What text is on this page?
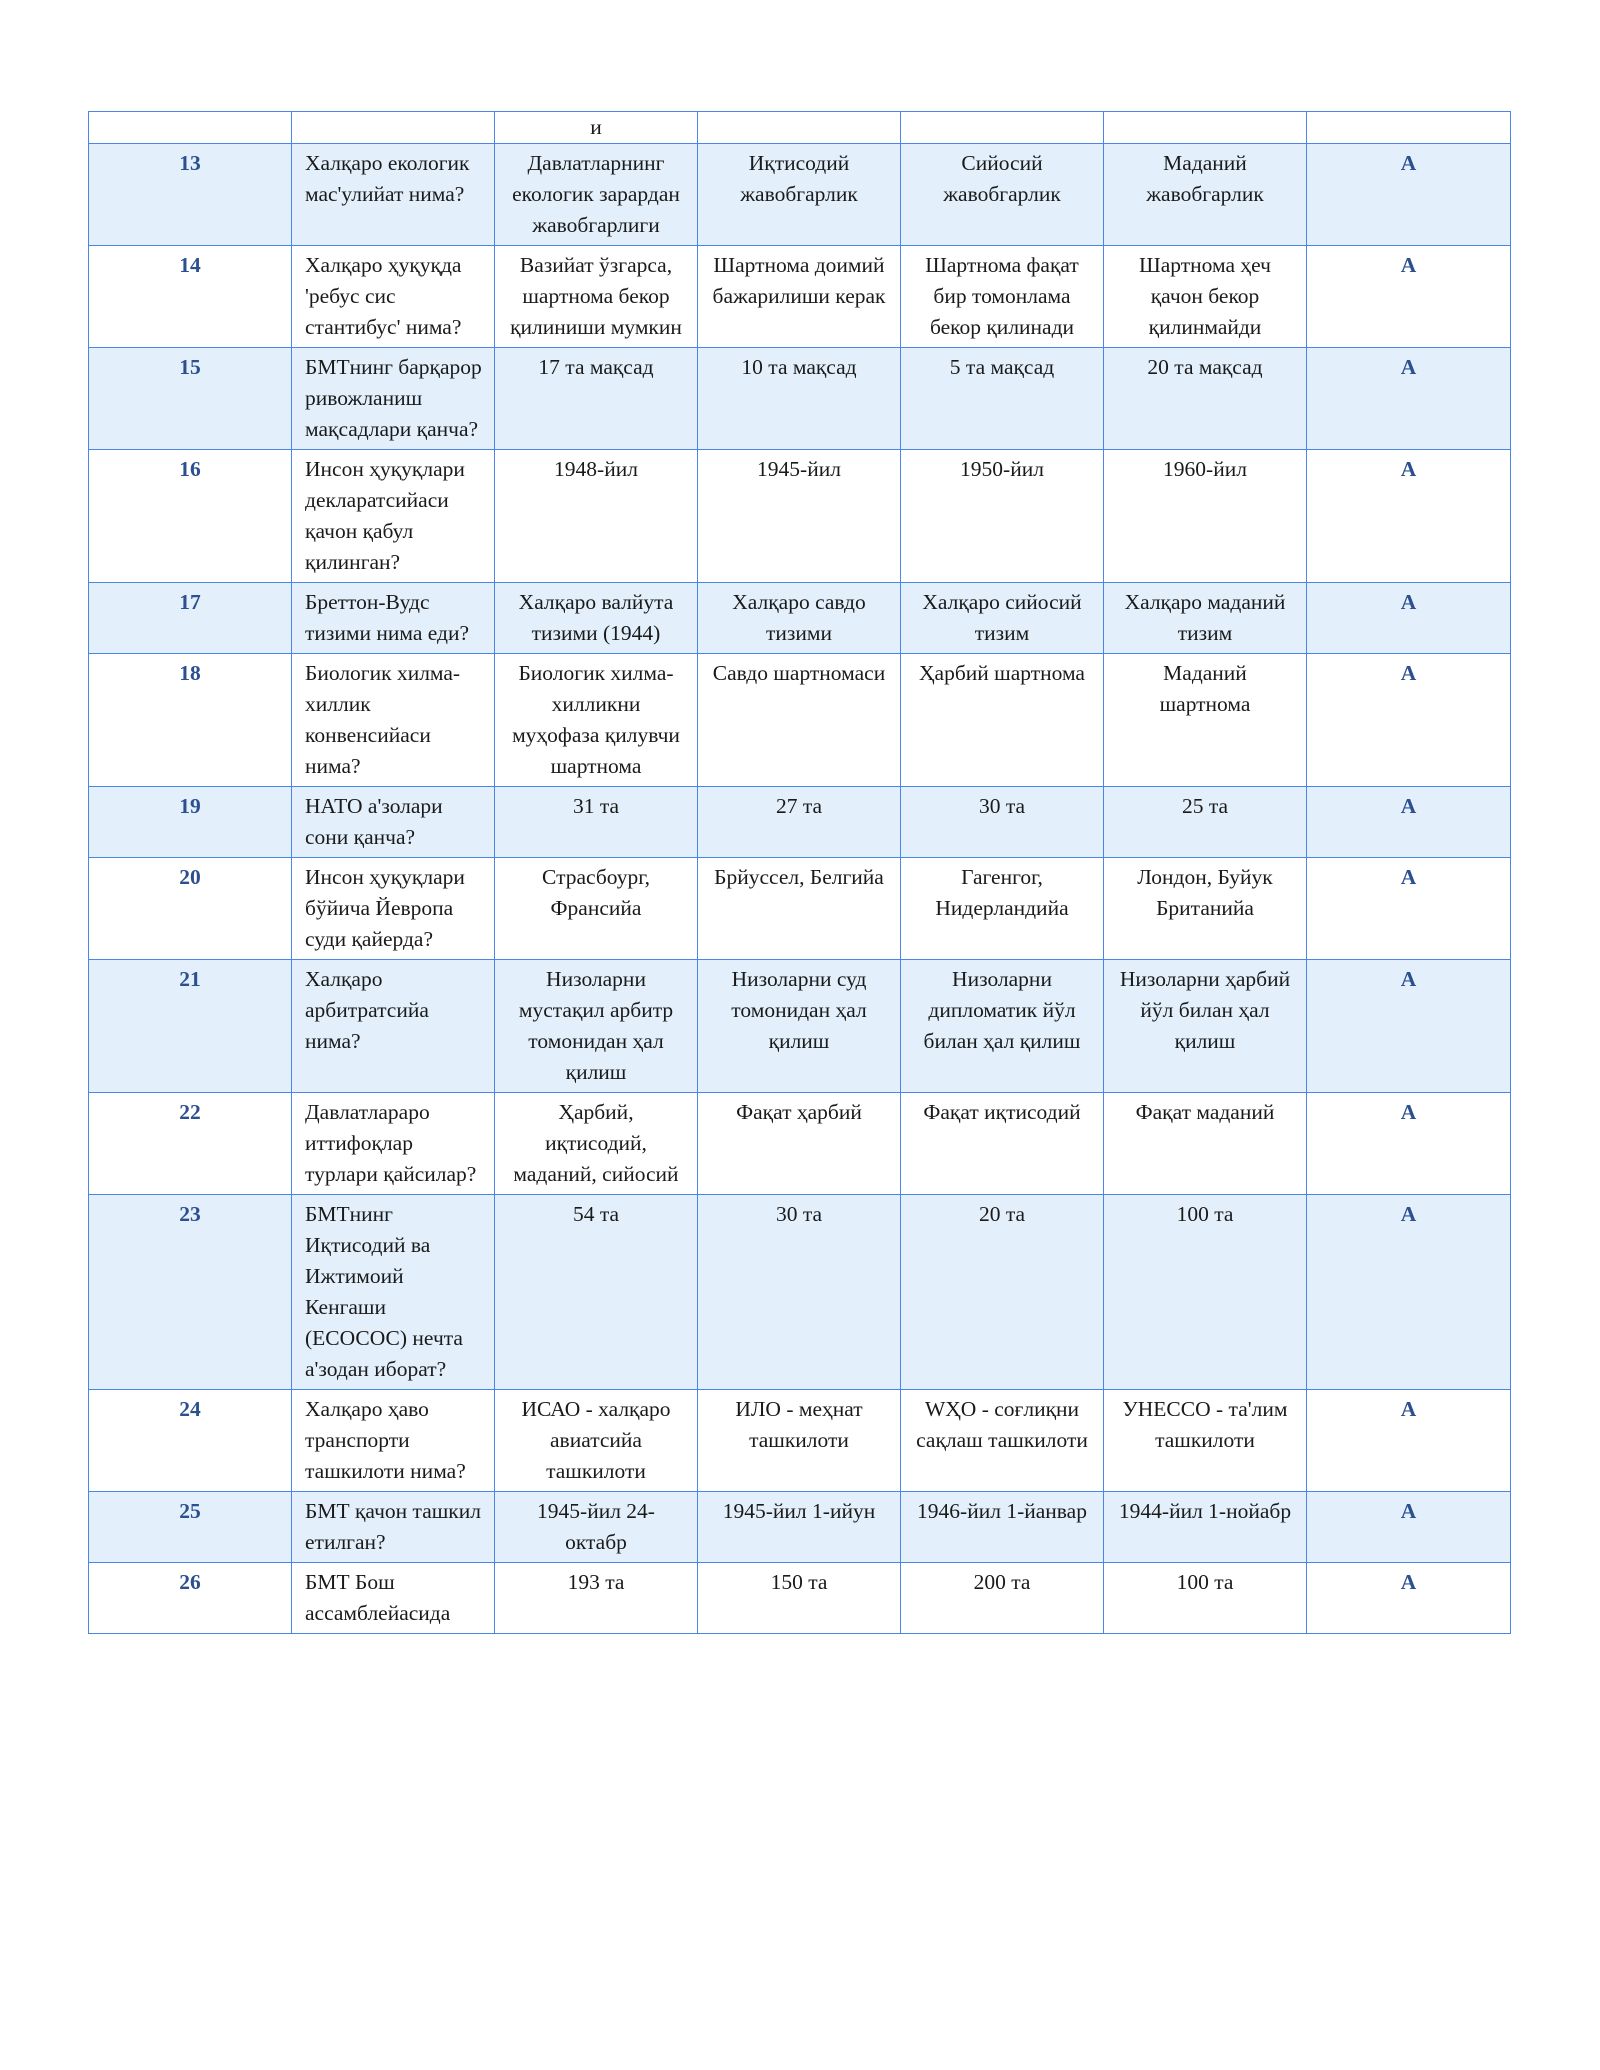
		и				
13	Халқаро екологик мас'улийат нима?	Давлатларнинг екологик зарардан жавобгарлиги	Иқтисодий жавобгарлик	Сийосий жавобгарлик	Маданий жавобгарлик	A
14	Халқаро ҳуқуқда 'ребус сис стантибус' нима?	Вазийат ўзгарса, шартнома бекор қилиниши мумкин	Шартнома доимий бажарилиши керак	Шартнома фақат бир томонлама бекор қилинади	Шартнома ҳеч қачон бекор қилинмайди	A
15	БМТнинг барқарор ривожланиш мақсадлари қанча?	17 та мақсад	10 та мақсад	5 та мақсад	20 та мақсад	A
16	Инсон ҳуқуқлари декларатсийаси қачон қабул қилинган?	1948-йил	1945-йил	1950-йил	1960-йил	A
17	Бреттон-Вудс тизими нима еди?	Халқаро валйута тизими (1944)	Халқаро савдо тизими	Халқаро сийосий тизим	Халқаро маданий тизим	A
18	Биологик хилма-хиллик конвенсийаси нима?	Биологик хилма-хилликни муҳофаза қилувчи шартнома	Савдо шартномаси	Ҳарбий шартнома	Маданий шартнома	A
19	НАТО а'золари сони қанча?	31 та	27 та	30 та	25 та	A
20	Инсон ҳуқуқлари бўйича Йевропа суди қайерда?	Страсбоург, Франсийа	Брйуссел, Белгийа	Гагенгог, Нидерландийа	Лондон, Буйук Британийа	A
21	Халқаро арбитратсийа нима?	Низоларни мустақил арбитр томонидан ҳал қилиш	Низоларни суд томонидан ҳал қилиш	Низоларни дипломатик йўл билан ҳал қилиш	Низоларни ҳарбий йўл билан ҳал қилиш	A
22	Давлатлараро иттифоқлар турлари қайсилар?	Ҳарбий, иқтисодий, маданий, сийосий	Фақат ҳарбий	Фақат иқтисодий	Фақат маданий	A
23	БМТнинг Иқтисодий ва Ижтимоий Кенгаши (ЕСОСОС) нечта а'зодан иборат?	54 та	30 та	20 та	100 та	A
24	Халқаро ҳаво транспорти ташкилоти нима?	ИСАО - халқаро авиатсийа ташкилоти	ИЛО - меҳнат ташкилоти	WҲО - соғлиқни сақлаш ташкилоти	УНЕССО - та'лим ташкилоти	A
25	БМТ қачон ташкил етилган?	1945-йил 24-октабр	1945-йил 1-ийун	1946-йил 1-йанвар	1944-йил 1-нойабр	A
26	БМТ Бош ассамблейасида	193 та	150 та	200 та	100 та	A
